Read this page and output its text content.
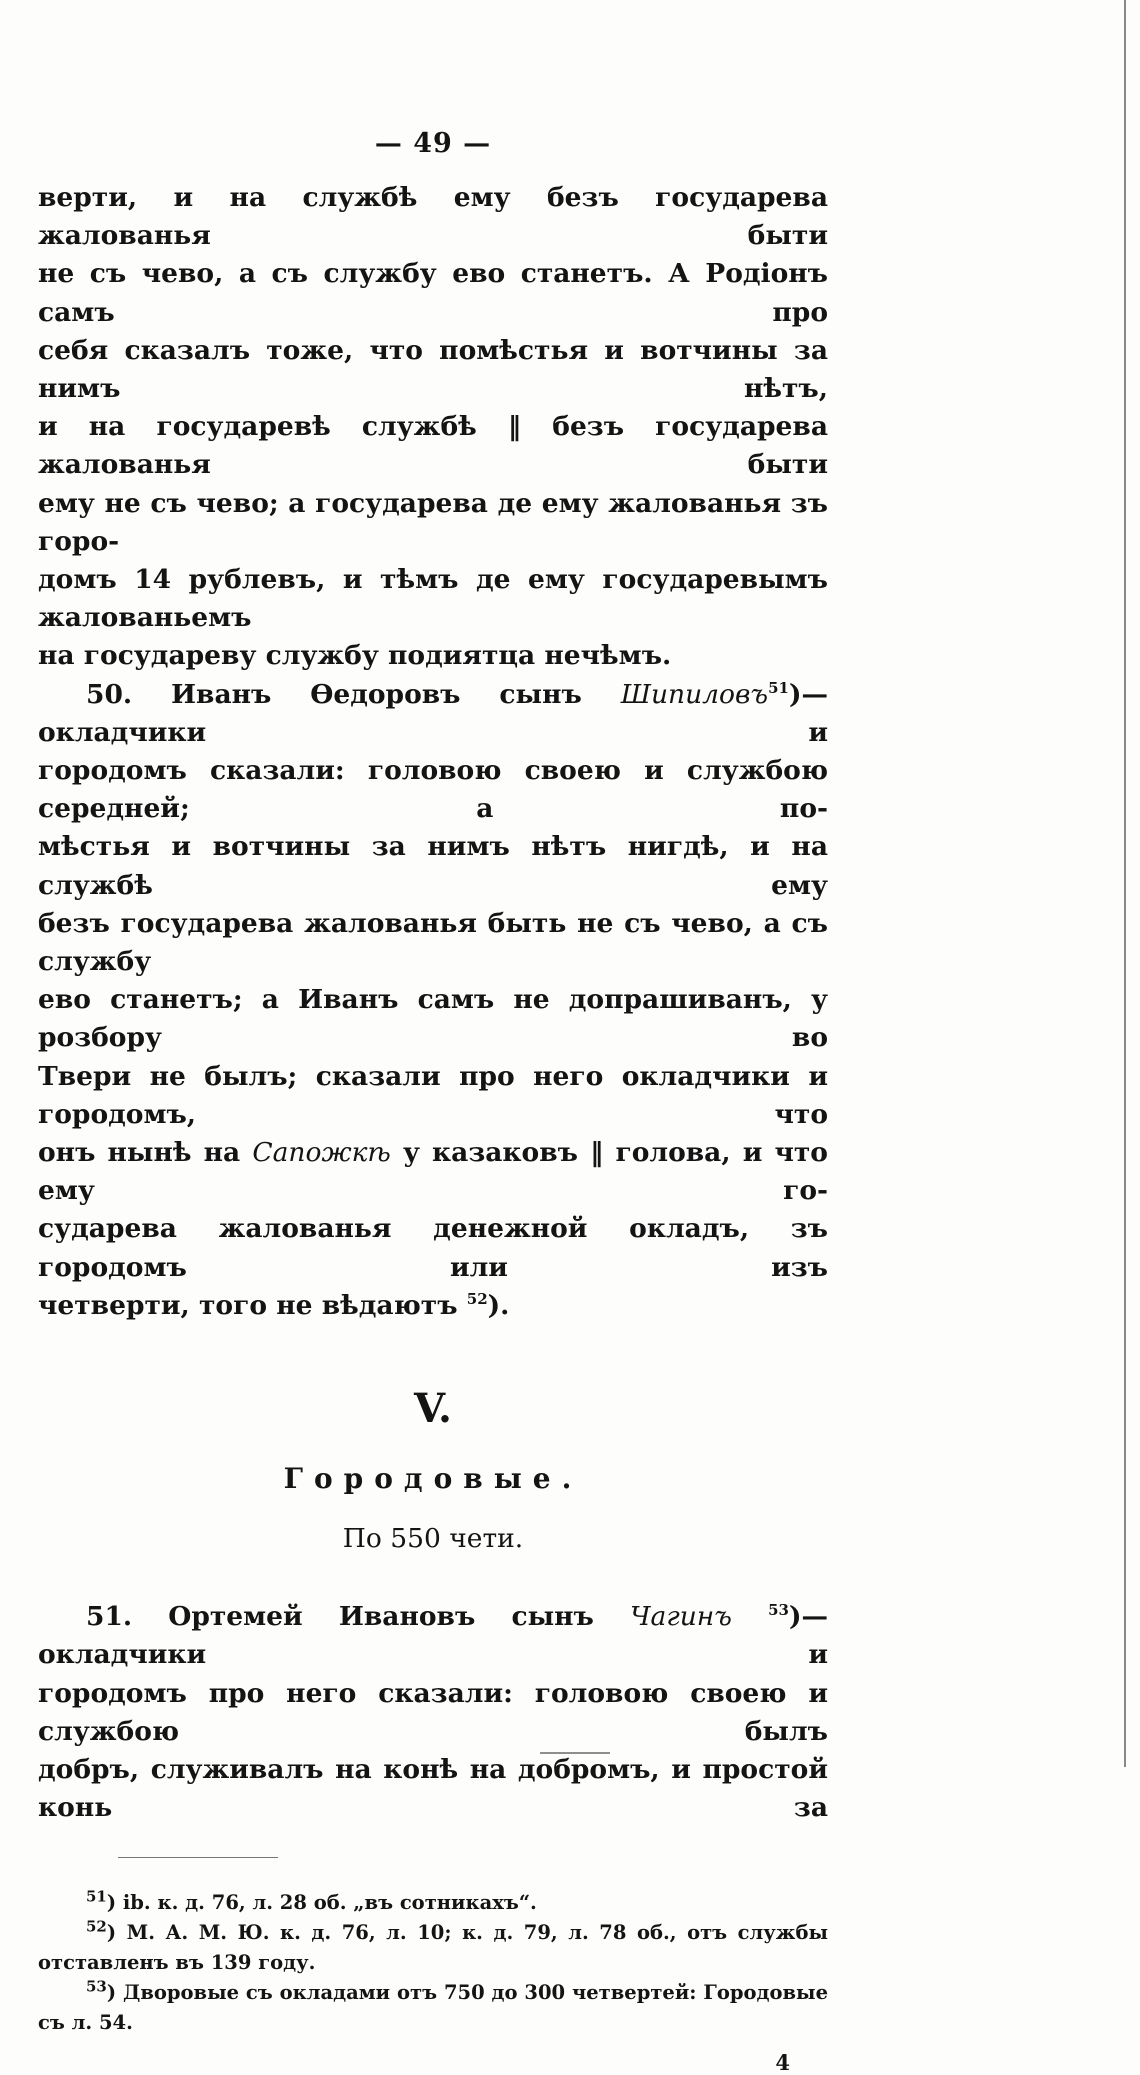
— 49 —

верти, и на службѣ ему безъ государева жалованья быти

не съ чево, а съ службу ево станетъ. А Родіонъ самъ про

себя сказалъ тоже, что помѣстья и вотчины за нимъ нѣтъ,

и на государевѣ службѣ ‖ безъ государева жалованья быти

ему не съ чево; а государева де ему жалованья зъ горо-

домъ 14 рублевъ, и тѣмъ де ему государевымъ жалованьемъ

на государеву службу подиятца нечѣмъ.

50. Иванъ Ѳедоровъ сынъ Шипиловъ$^{51}$)—окладчики и

городомъ сказали: головою своею и службою середней; а по-

мѣстья и вотчины за нимъ нѣтъ нигдѣ, и на службѣ ему

безъ государева жалованья быть не съ чево, а съ службу

ево станетъ; а Иванъ самъ не допрашиванъ, у розбору во

Твери не былъ; сказали про него окладчики и городомъ, что

онъ нынѣ на Сапожкѣ у казаковъ ‖ голова, и что ему го-

сударева жалованья денежной окладъ, зъ городомъ или изъ

четверти, того не вѣдаютъ $^{52}$).

V.
Городовые.
По 550 чети.

51. Ортемей Ивановъ сынъ Чагинъ $^{53}$)—окладчики и

городомъ про него сказали: головою своею и службою былъ

добръ, служивалъ на конѣ на добромъ, и простой конь за

$^{51}$) ib. к. д. 76, л. 28 об. „въ сотникахъ“.

$^{52}$) М. А. М. Ю. к. д. 76, л. 10; к. д. 79, л. 78 об., отъ службы отставленъ въ 139 году.

$^{53}$) Дворовые съ окладами отъ 750 до 300 четвертей: Городовые съ л. 54.

4
